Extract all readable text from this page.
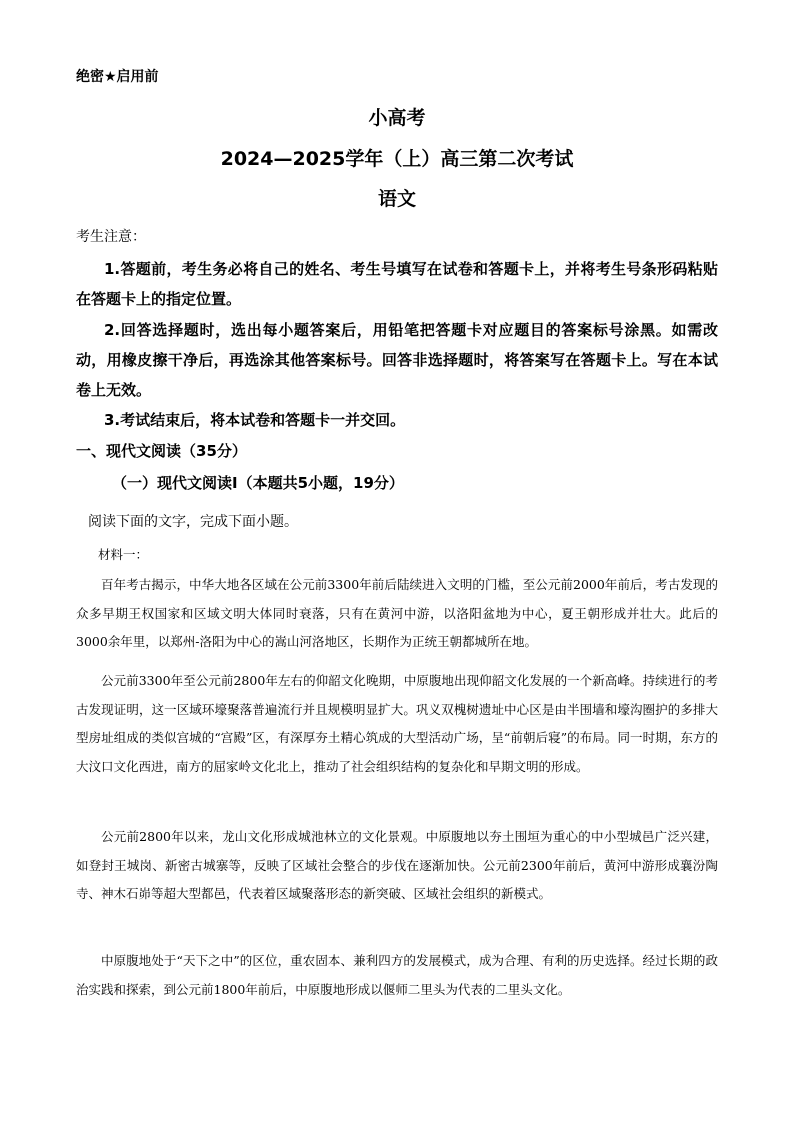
绝密★启用前
小高考
2024—2025学年（上）高三第二次考试
语文
考生注意：

1.答题前，考生务必将自己的姓名、考生号填写在试卷和答题卡上，并将考生号条形码粘贴在答题卡上的指定位置。

2.回答选择题时，选出每小题答案后，用铅笔把答题卡对应题目的答案标号涂黑。如需改动，用橡皮擦干净后，再选涂其他答案标号。回答非选择题时，将答案写在答题卡上。写在本试卷上无效。

3.考试结束后，将本试卷和答题卡一并交回。

一、现代文阅读（35分）
（一）现代文阅读Ⅰ（本题共5小题，19分）
阅读下面的文字，完成下面小题。
材料一：

百年考古揭示，中华大地各区域在公元前3300年前后陆续进入文明的门槛，至公元前2000年前后，考古发现的众多早期王权国家和区域文明大体同时衰落，只有在黄河中游，以洛阳盆地为中心，夏王朝形成并壮大。此后的3000余年里，以郑州-洛阳为中心的嵩山河洛地区，长期作为正统王朝都城所在地。

公元前3300年至公元前2800年左右的仰韶文化晚期，中原腹地出现仰韶文化发展的一个新高峰。持续进行的考古发现证明，这一区域环壕聚落普遍流行并且规模明显扩大。巩义双槐树遗址中心区是由半围墙和壕沟圈护的多排大型房址组成的类似宫城的“宫殿”区，有深厚夯土精心筑成的大型活动广场，呈“前朝后寝”的布局。同一时期，东方的大汶口文化西进，南方的屈家岭文化北上，推动了社会组织结构的复杂化和早期文明的形成。

公元前2800年以来，龙山文化形成城池林立的文化景观。中原腹地以夯土围垣为重心的中小型城邑广泛兴建，如登封王城岗、新密古城寨等，反映了区域社会整合的步伐在逐渐加快。公元前2300年前后，黄河中游形成襄汾陶寺、神木石峁等超大型都邑，代表着区域聚落形态的新突破、区域社会组织的新模式。

中原腹地处于“天下之中”的区位，重农固本、兼利四方的发展模式，成为合理、有利的历史选择。经过长期的政治实践和探索，到公元前1800年前后，中原腹地形成以偃师二里头为代表的二里头文化。
